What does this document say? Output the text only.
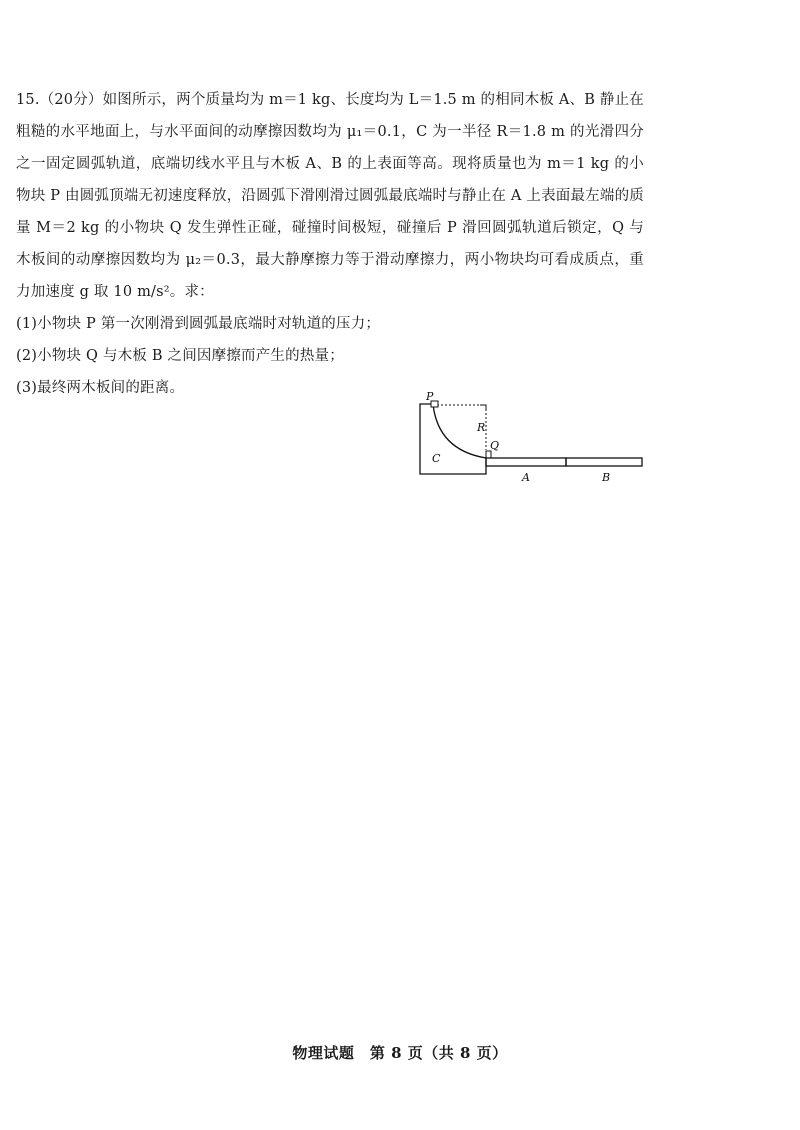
15.（20分）如图所示，两个质量均为 m＝1 kg、长度均为 L＝1.5 m 的相同木板 A、B 静止在粗糙的水平地面上，与水平面间的动摩擦因数均为 μ₁＝0.1，C 为一半径 R＝1.8 m 的光滑四分之一固定圆弧轨道，底端切线水平且与木板 A、B 的上表面等高。现将质量也为 m＝1 kg 的小物块 P 由圆弧顶端无初速度释放，沿圆弧下滑刚滑过圆弧最底端时与静止在 A 上表面最左端的质量 M＝2 kg 的小物块 Q 发生弹性正碰，碰撞时间极短，碰撞后 P 滑回圆弧轨道后锁定，Q 与木板间的动摩擦因数均为 μ₂＝0.3，最大静摩擦力等于滑动摩擦力，两小物块均可看成质点，重力加速度 g 取 10 m/s²。求：

(1)小物块 P 第一次刚滑到圆弧最底端时对轨道的压力；

(2)小物块 Q 与木板 B 之间因摩擦而产生的热量；

(3)最终两木板间的距离。

P
R
Q
C
A	B
物理试题　第 8 页（共 8 页）
